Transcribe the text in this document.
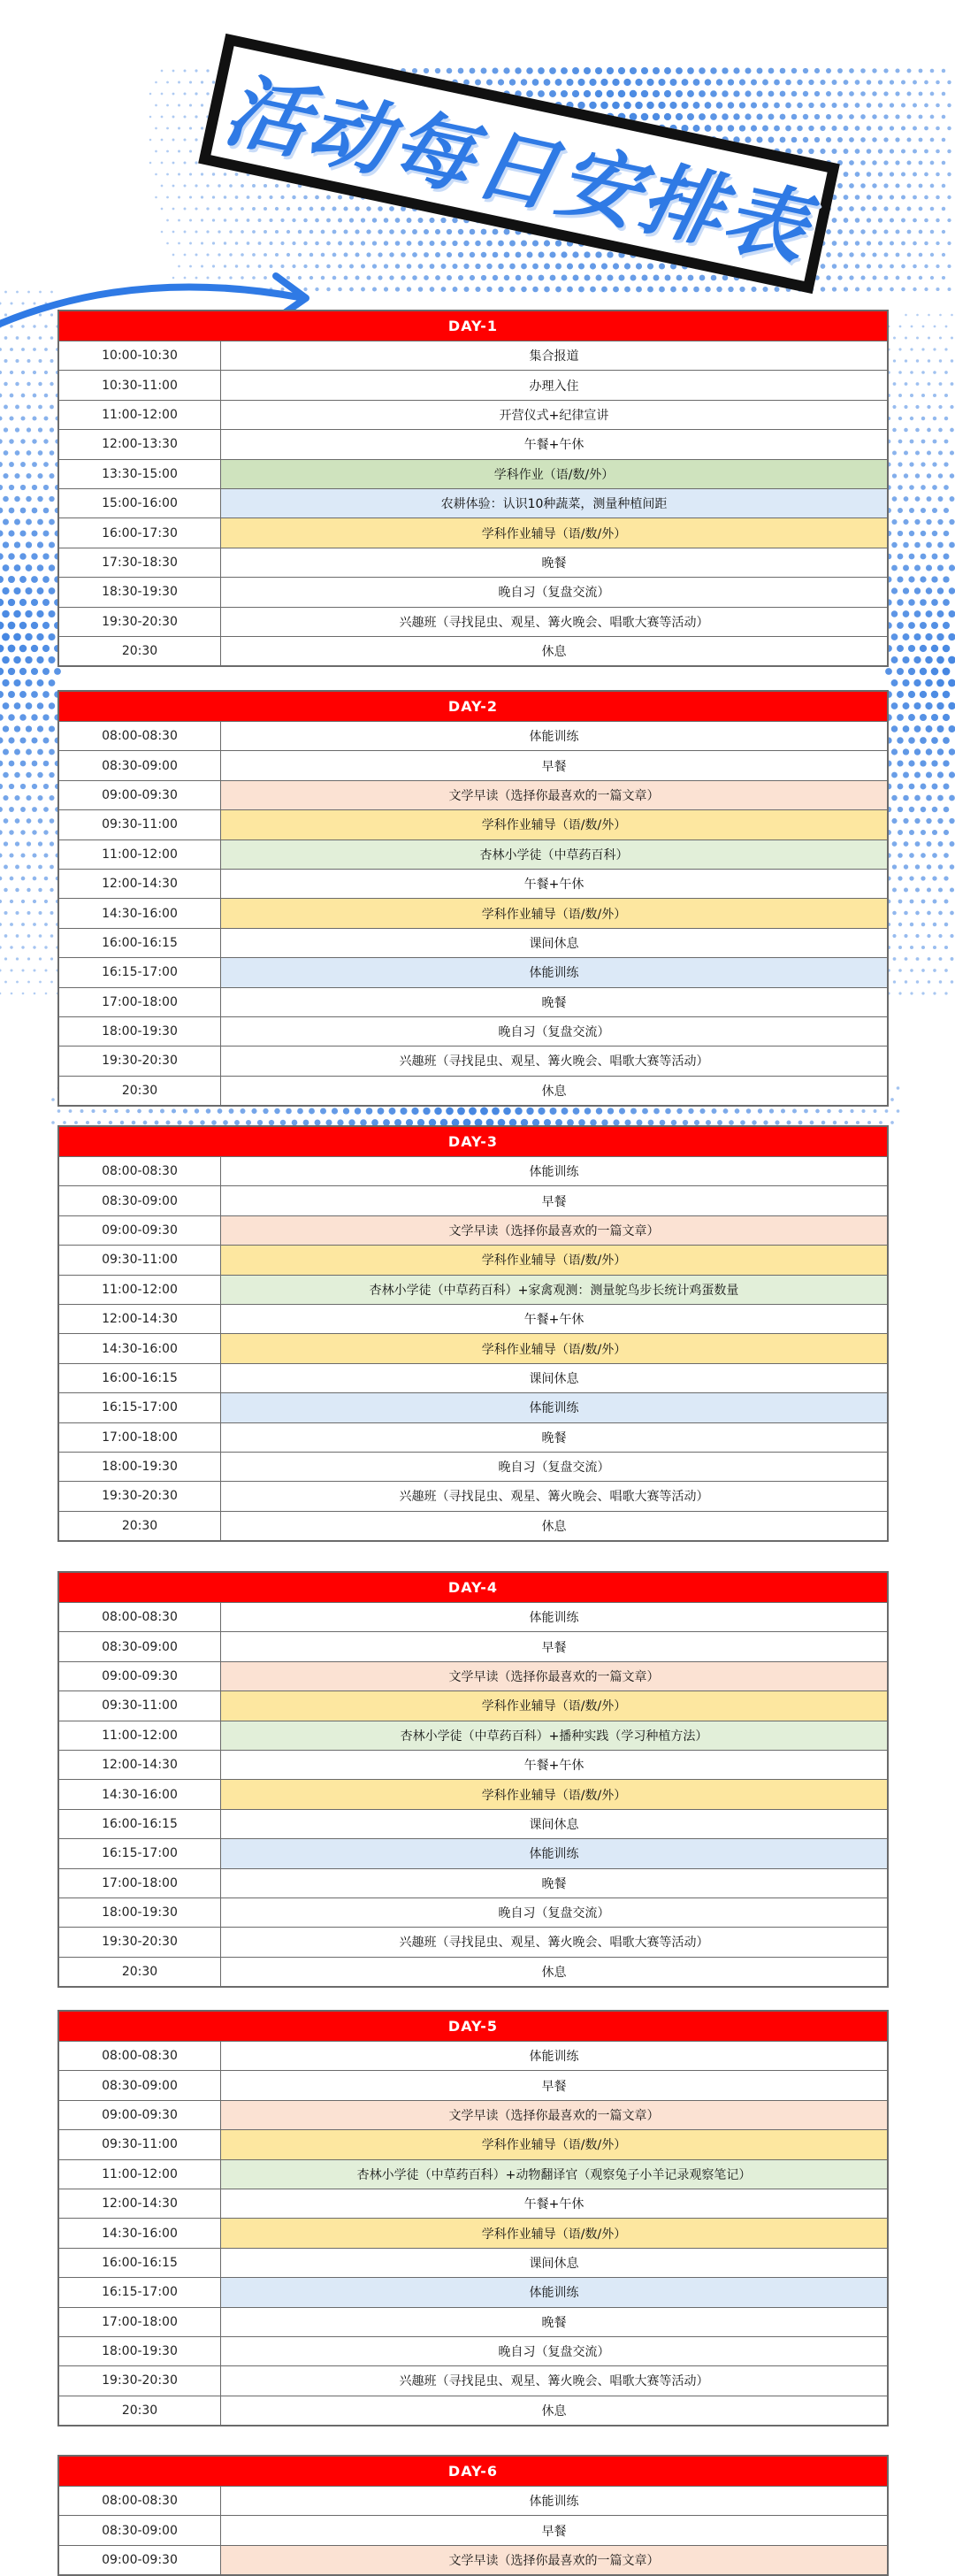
活动每日安排表
DAY-1
10:00-10:30	集合报道
10:30-11:00	办理入住
11:00-12:00	开营仪式+纪律宣讲
12:00-13:30	午餐+午休
13:30-15:00	学科作业（语/数/外）
15:00-16:00	农耕体验：认识10种蔬菜，测量种植间距
16:00-17:30	学科作业辅导（语/数/外）
17:30-18:30	晚餐
18:30-19:30	晚自习（复盘交流）
19:30-20:30	兴趣班（寻找昆虫、观星、篝火晚会、唱歌大赛等活动）
20:30	休息
DAY-2
08:00-08:30	体能训练
08:30-09:00	早餐
09:00-09:30	文学早读（选择你最喜欢的一篇文章）
09:30-11:00	学科作业辅导（语/数/外）
11:00-12:00	杏林小学徒（中草药百科）
12:00-14:30	午餐+午休
14:30-16:00	学科作业辅导（语/数/外）
16:00-16:15	课间休息
16:15-17:00	体能训练
17:00-18:00	晚餐
18:00-19:30	晚自习（复盘交流）
19:30-20:30	兴趣班（寻找昆虫、观星、篝火晚会、唱歌大赛等活动）
20:30	休息
DAY-3
08:00-08:30	体能训练
08:30-09:00	早餐
09:00-09:30	文学早读（选择你最喜欢的一篇文章）
09:30-11:00	学科作业辅导（语/数/外）
11:00-12:00	杏林小学徒（中草药百科）+家禽观测：测量鸵鸟步长统计鸡蛋数量
12:00-14:30	午餐+午休
14:30-16:00	学科作业辅导（语/数/外）
16:00-16:15	课间休息
16:15-17:00	体能训练
17:00-18:00	晚餐
18:00-19:30	晚自习（复盘交流）
19:30-20:30	兴趣班（寻找昆虫、观星、篝火晚会、唱歌大赛等活动）
20:30	休息
DAY-4
08:00-08:30	体能训练
08:30-09:00	早餐
09:00-09:30	文学早读（选择你最喜欢的一篇文章）
09:30-11:00	学科作业辅导（语/数/外）
11:00-12:00	杏林小学徒（中草药百科）+播种实践（学习种植方法）
12:00-14:30	午餐+午休
14:30-16:00	学科作业辅导（语/数/外）
16:00-16:15	课间休息
16:15-17:00	体能训练
17:00-18:00	晚餐
18:00-19:30	晚自习（复盘交流）
19:30-20:30	兴趣班（寻找昆虫、观星、篝火晚会、唱歌大赛等活动）
20:30	休息
DAY-5
08:00-08:30	体能训练
08:30-09:00	早餐
09:00-09:30	文学早读（选择你最喜欢的一篇文章）
09:30-11:00	学科作业辅导（语/数/外）
11:00-12:00	杏林小学徒（中草药百科）+动物翻译官（观察兔子小羊记录观察笔记）
12:00-14:30	午餐+午休
14:30-16:00	学科作业辅导（语/数/外）
16:00-16:15	课间休息
16:15-17:00	体能训练
17:00-18:00	晚餐
18:00-19:30	晚自习（复盘交流）
19:30-20:30	兴趣班（寻找昆虫、观星、篝火晚会、唱歌大赛等活动）
20:30	休息
DAY-6
08:00-08:30	体能训练
08:30-09:00	早餐
09:00-09:30	文学早读（选择你最喜欢的一篇文章）
